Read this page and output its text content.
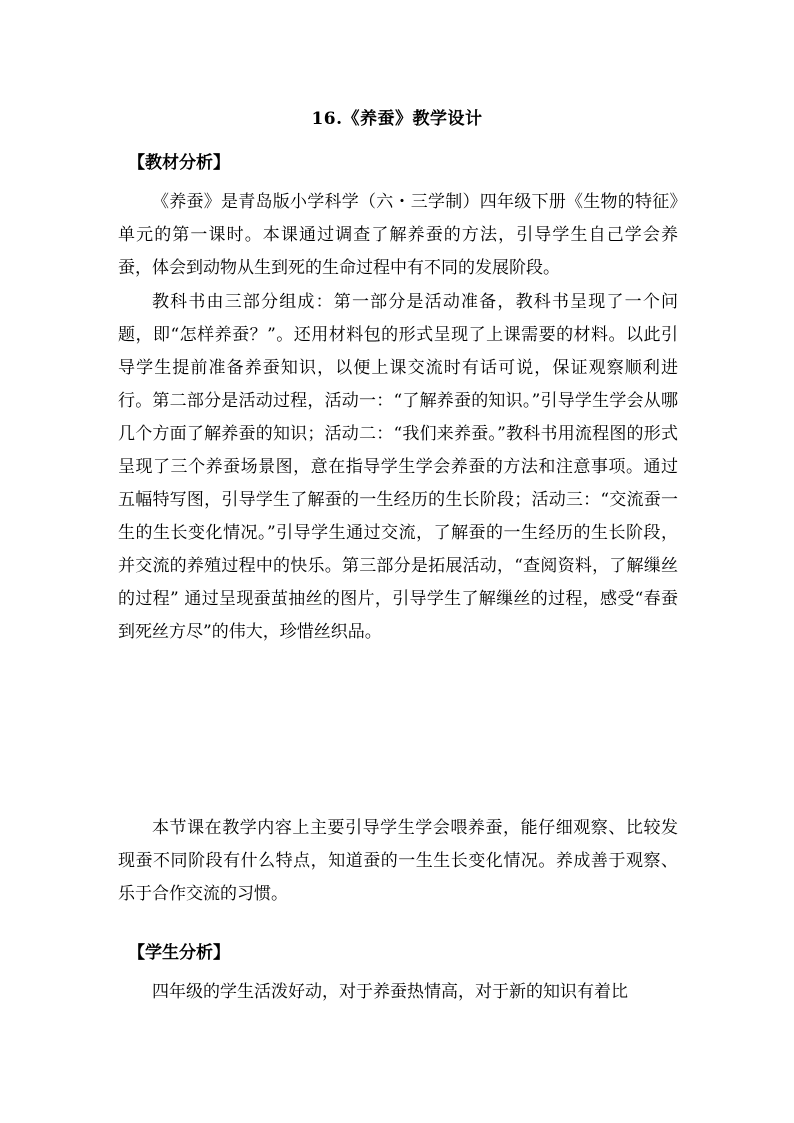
16.《养蚕》教学设计
【教材分析】

《养蚕》是青岛版小学科学（六・三学制）四年级下册《生物的特征》单元的第一课时。本课通过调查了解养蚕的方法，引导学生自己学会养蚕，体会到动物从生到死的生命过程中有不同的发展阶段。

教科书由三部分组成：第一部分是活动准备，教科书呈现了一个问题，即“怎样养蚕？”。还用材料包的形式呈现了上课需要的材料。以此引导学生提前准备养蚕知识，以便上课交流时有话可说，保证观察顺利进行。第二部分是活动过程，活动一：“了解养蚕的知识。”引导学生学会从哪几个方面了解养蚕的知识；活动二：“我们来养蚕。”教科书用流程图的形式呈现了三个养蚕场景图，意在指导学生学会养蚕的方法和注意事项。通过五幅特写图，引导学生了解蚕的一生经历的生长阶段；活动三：“交流蚕一生的生长变化情况。”引导学生通过交流，了解蚕的一生经历的生长阶段，并交流的养殖过程中的快乐。第三部分是拓展活动，“查阅资料，了解缫丝的过程” 通过呈现蚕茧抽丝的图片，引导学生了解缫丝的过程，感受“春蚕到死丝方尽”的伟大，珍惜丝织品。

本节课在教学内容上主要引导学生学会喂养蚕，能仔细观察、比较发现蚕不同阶段有什么特点，知道蚕的一生生长变化情况。养成善于观察、乐于合作交流的习惯。

【学生分析】

四年级的学生活泼好动，对于养蚕热情高，对于新的知识有着比
